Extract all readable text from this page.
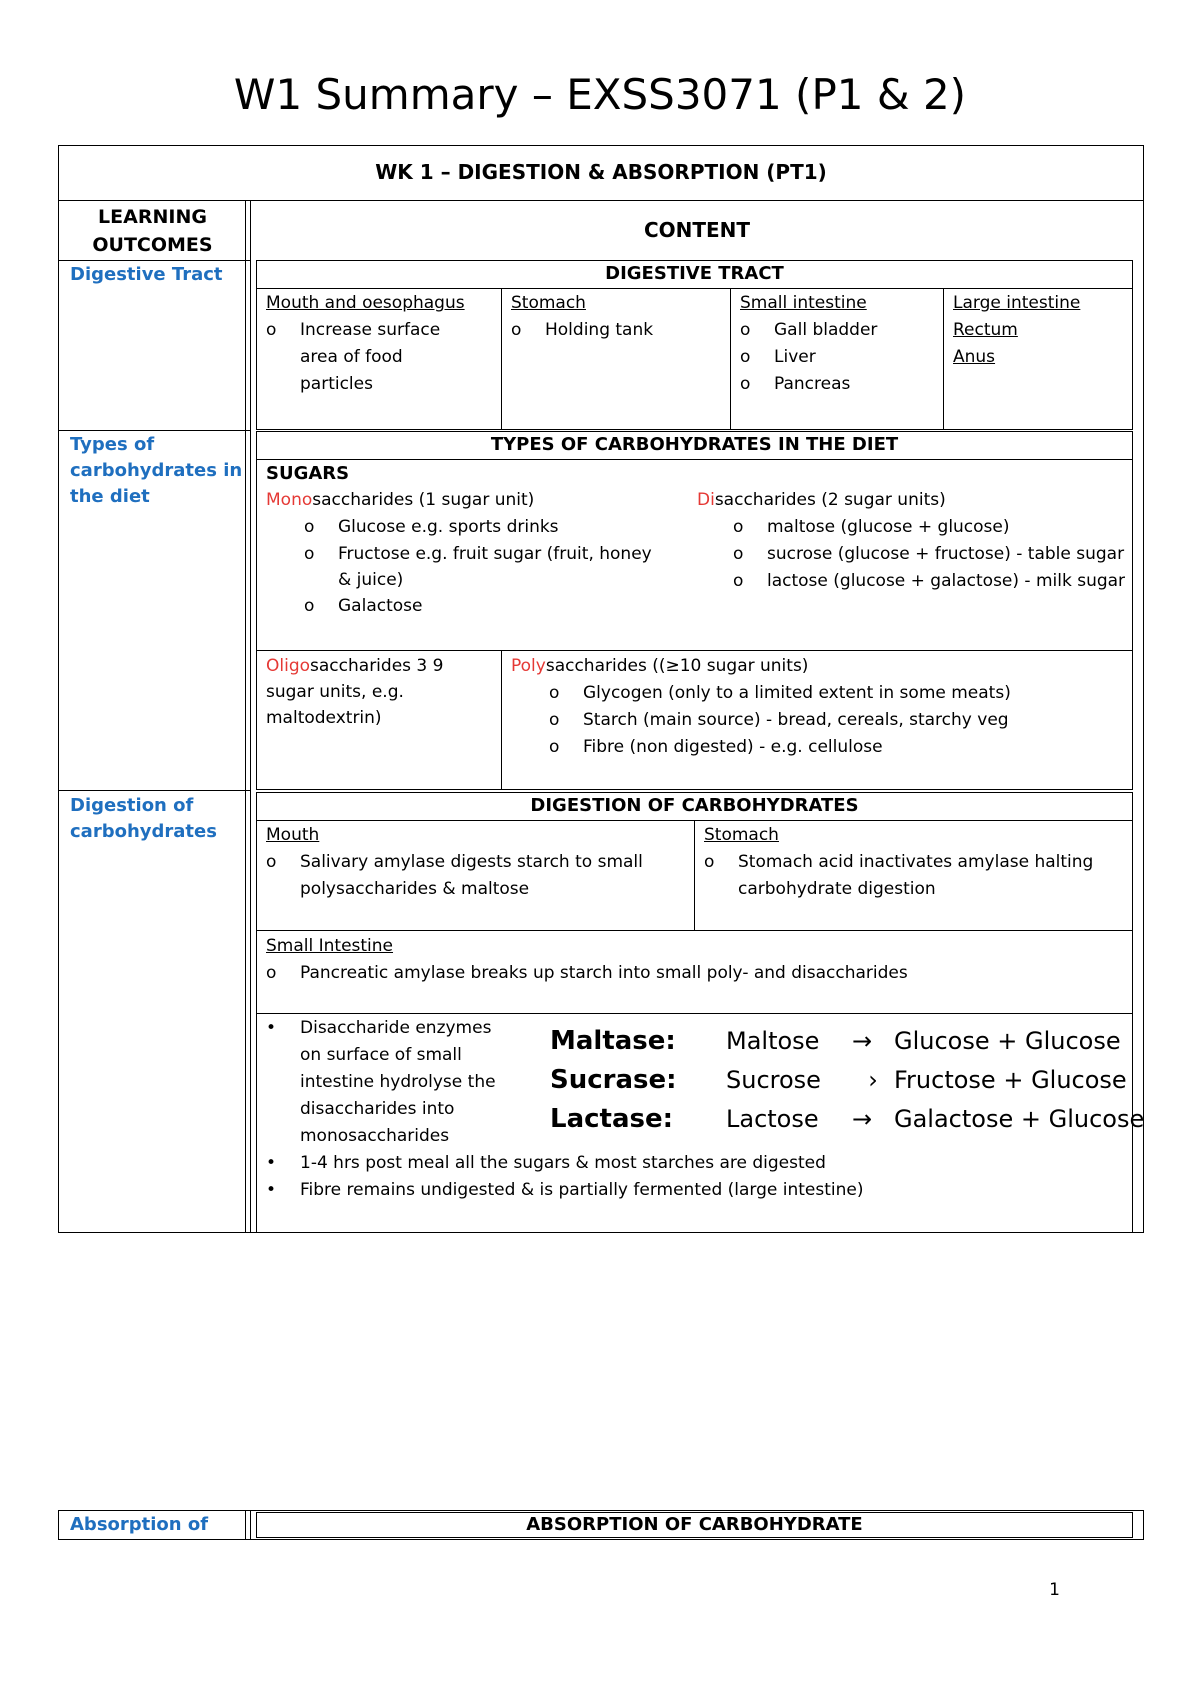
W1 Summary – EXSS3071 (P1 & 2)
WK 1 – DIGESTION & ABSORPTION (PT1)
LEARNING OUTCOMES
CONTENT
Digestive Tract	DIGESTIVE TRACT
Mouth and oesophagus
o Increase surface
area of food
particles
Stomach
o Holding tank
Small intestine
o Gall bladder
o Liver
o Pancreas
Large intestine
Rectum
Anus
Types of
carbohydrates in
the diet
TYPES OF CARBOHYDRATES IN THE DIET
SUGARS
Monosaccharides (1 sugar unit)
o Glucose e.g. sports drinks
o Fructose e.g. fruit sugar (fruit, honey
& juice)
o Galactose
Disaccharides (2 sugar units)
o maltose (glucose + glucose)
o sucrose (glucose + fructose) - table sugar
o lactose (glucose + galactose) - milk sugar
Oligosaccharides 3 9
sugar units, e.g.
maltodextrin)
Polysaccharides ((≥10 sugar units)
o Glycogen (only to a limited extent in some meats)
o Starch (main source) - bread, cereals, starchy veg
o Fibre (non digested) - e.g. cellulose
Digestion of
carbohydrates
DIGESTION OF CARBOHYDRATES
Mouth
o Salivary amylase digests starch to small
polysaccharides & maltose
Stomach
o Stomach acid inactivates amylase halting
carbohydrate digestion
Small Intestine
o Pancreatic amylase breaks up starch into small poly- and disaccharides
• Disaccharide enzymes
on surface of small
intestine hydrolyse the
disaccharides into
monosaccharides
• 1-4 hrs post meal all the sugars & most starches are digested
• Fibre remains undigested & is partially fermented (large intestine)
Maltase: Maltose → Glucose + Glucose
Sucrase: Sucrose › Fructose + Glucose
Lactase: Lactose → Galactose + Glucose
Absorption of	ABSORPTION OF CARBOHYDRATE
1
